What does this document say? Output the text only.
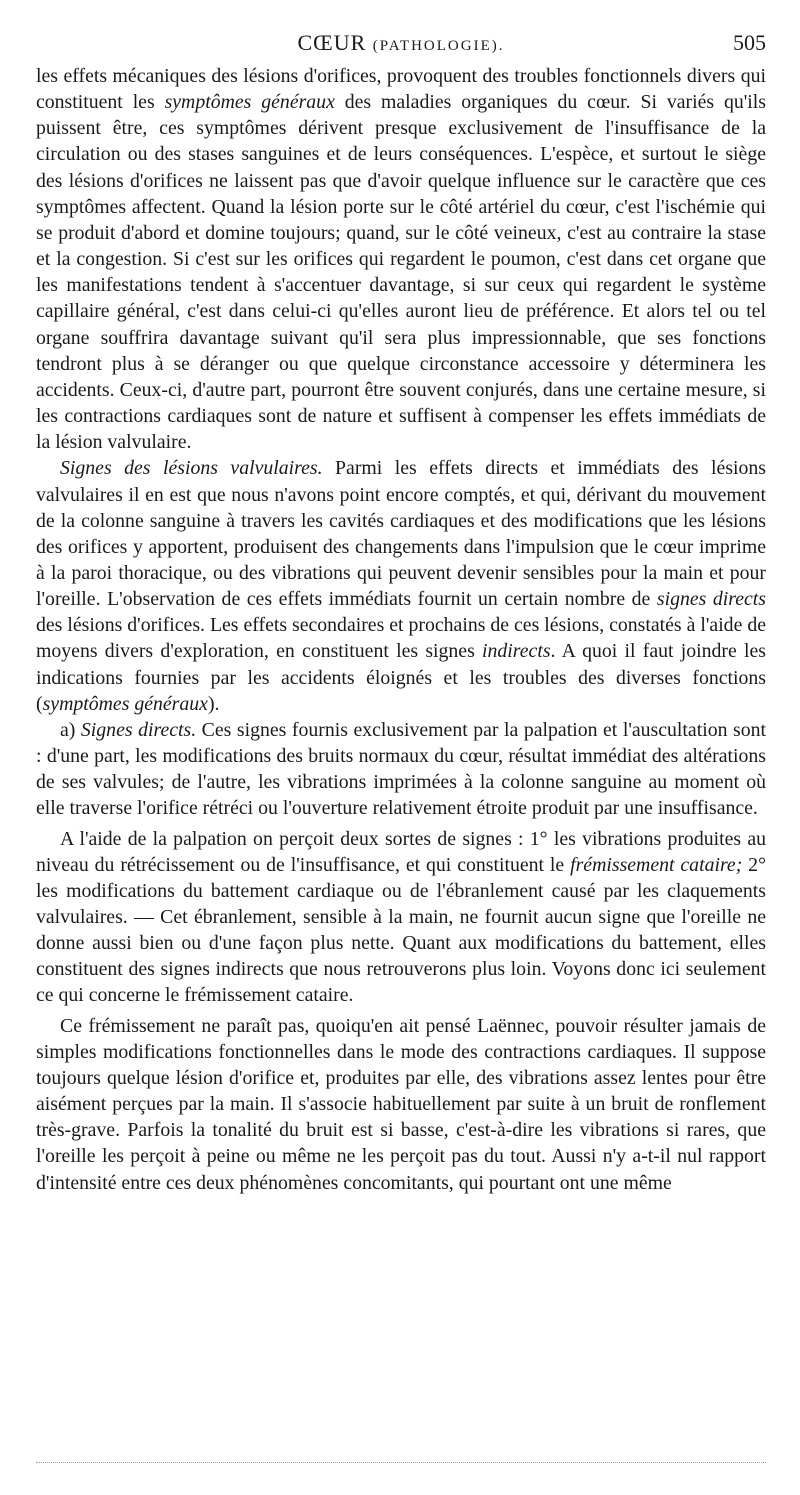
CŒUR (PATHOLOGIE).	505

les effets mécaniques des lésions d'orifices, provoquent des troubles fonctionnels divers qui constituent les symptômes généraux des maladies organiques du cœur. Si variés qu'ils puissent être, ces symptômes dérivent presque exclusivement de l'insuffisance de la circulation ou des stases sanguines et de leurs conséquences. L'espèce, et surtout le siège des lésions d'orifices ne laissent pas que d'avoir quelque influence sur le caractère que ces symptômes affectent. Quand la lésion porte sur le côté artériel du cœur, c'est l'ischémie qui se produit d'abord et domine toujours; quand, sur le côté veineux, c'est au contraire la stase et la congestion. Si c'est sur les orifices qui regardent le poumon, c'est dans cet organe que les manifestations tendent à s'accentuer davantage, si sur ceux qui regardent le système capillaire général, c'est dans celui-ci qu'elles auront lieu de préférence. Et alors tel ou tel organe souffrira davantage suivant qu'il sera plus impressionnable, que ses fonctions tendront plus à se déranger ou que quelque circonstance accessoire y déterminera les accidents. Ceux-ci, d'autre part, pourront être souvent conjurés, dans une certaine mesure, si les contractions cardiaques sont de nature et suffisent à compenser les effets immédiats de la lésion valvulaire.

Signes des lésions valvulaires. Parmi les effets directs et immédiats des lésions valvulaires il en est que nous n'avons point encore comptés, et qui, dérivant du mouvement de la colonne sanguine à travers les cavités cardiaques et des modifications que les lésions des orifices y apportent, produisent des changements dans l'impulsion que le cœur imprime à la paroi thoracique, ou des vibrations qui peuvent devenir sensibles pour la main et pour l'oreille. L'observation de ces effets immédiats fournit un certain nombre de signes directs des lésions d'orifices. Les effets secondaires et prochains de ces lésions, constatés à l'aide de moyens divers d'exploration, en constituent les signes indirects. A quoi il faut joindre les indications fournies par les accidents éloignés et les troubles des diverses fonctions (symptômes généraux).

a) Signes directs. Ces signes fournis exclusivement par la palpation et l'auscultation sont : d'une part, les modifications des bruits normaux du cœur, résultat immédiat des altérations de ses valvules; de l'autre, les vibrations imprimées à la colonne sanguine au moment où elle traverse l'orifice rétréci ou l'ouverture relativement étroite produit par une insuffisance.

A l'aide de la palpation on perçoit deux sortes de signes : 1° les vibrations produites au niveau du rétrécissement ou de l'insuffisance, et qui constituent le frémissement cataire; 2° les modifications du battement cardiaque ou de l'ébranlement causé par les claquements valvulaires. — Cet ébranlement, sensible à la main, ne fournit aucun signe que l'oreille ne donne aussi bien ou d'une façon plus nette. Quant aux modifications du battement, elles constituent des signes indirects que nous retrouverons plus loin. Voyons donc ici seulement ce qui concerne le frémissement cataire.

Ce frémissement ne paraît pas, quoiqu'en ait pensé Laënnec, pouvoir résulter jamais de simples modifications fonctionnelles dans le mode des contractions cardiaques. Il suppose toujours quelque lésion d'orifice et, produites par elle, des vibrations assez lentes pour être aisément perçues par la main. Il s'associe habituellement par suite à un bruit de ronflement très-grave. Parfois la tonalité du bruit est si basse, c'est-à-dire les vibrations si rares, que l'oreille les perçoit à peine ou même ne les perçoit pas du tout. Aussi n'y a-t-il nul rapport d'intensité entre ces deux phénomènes concomitants, qui pourtant ont une même
